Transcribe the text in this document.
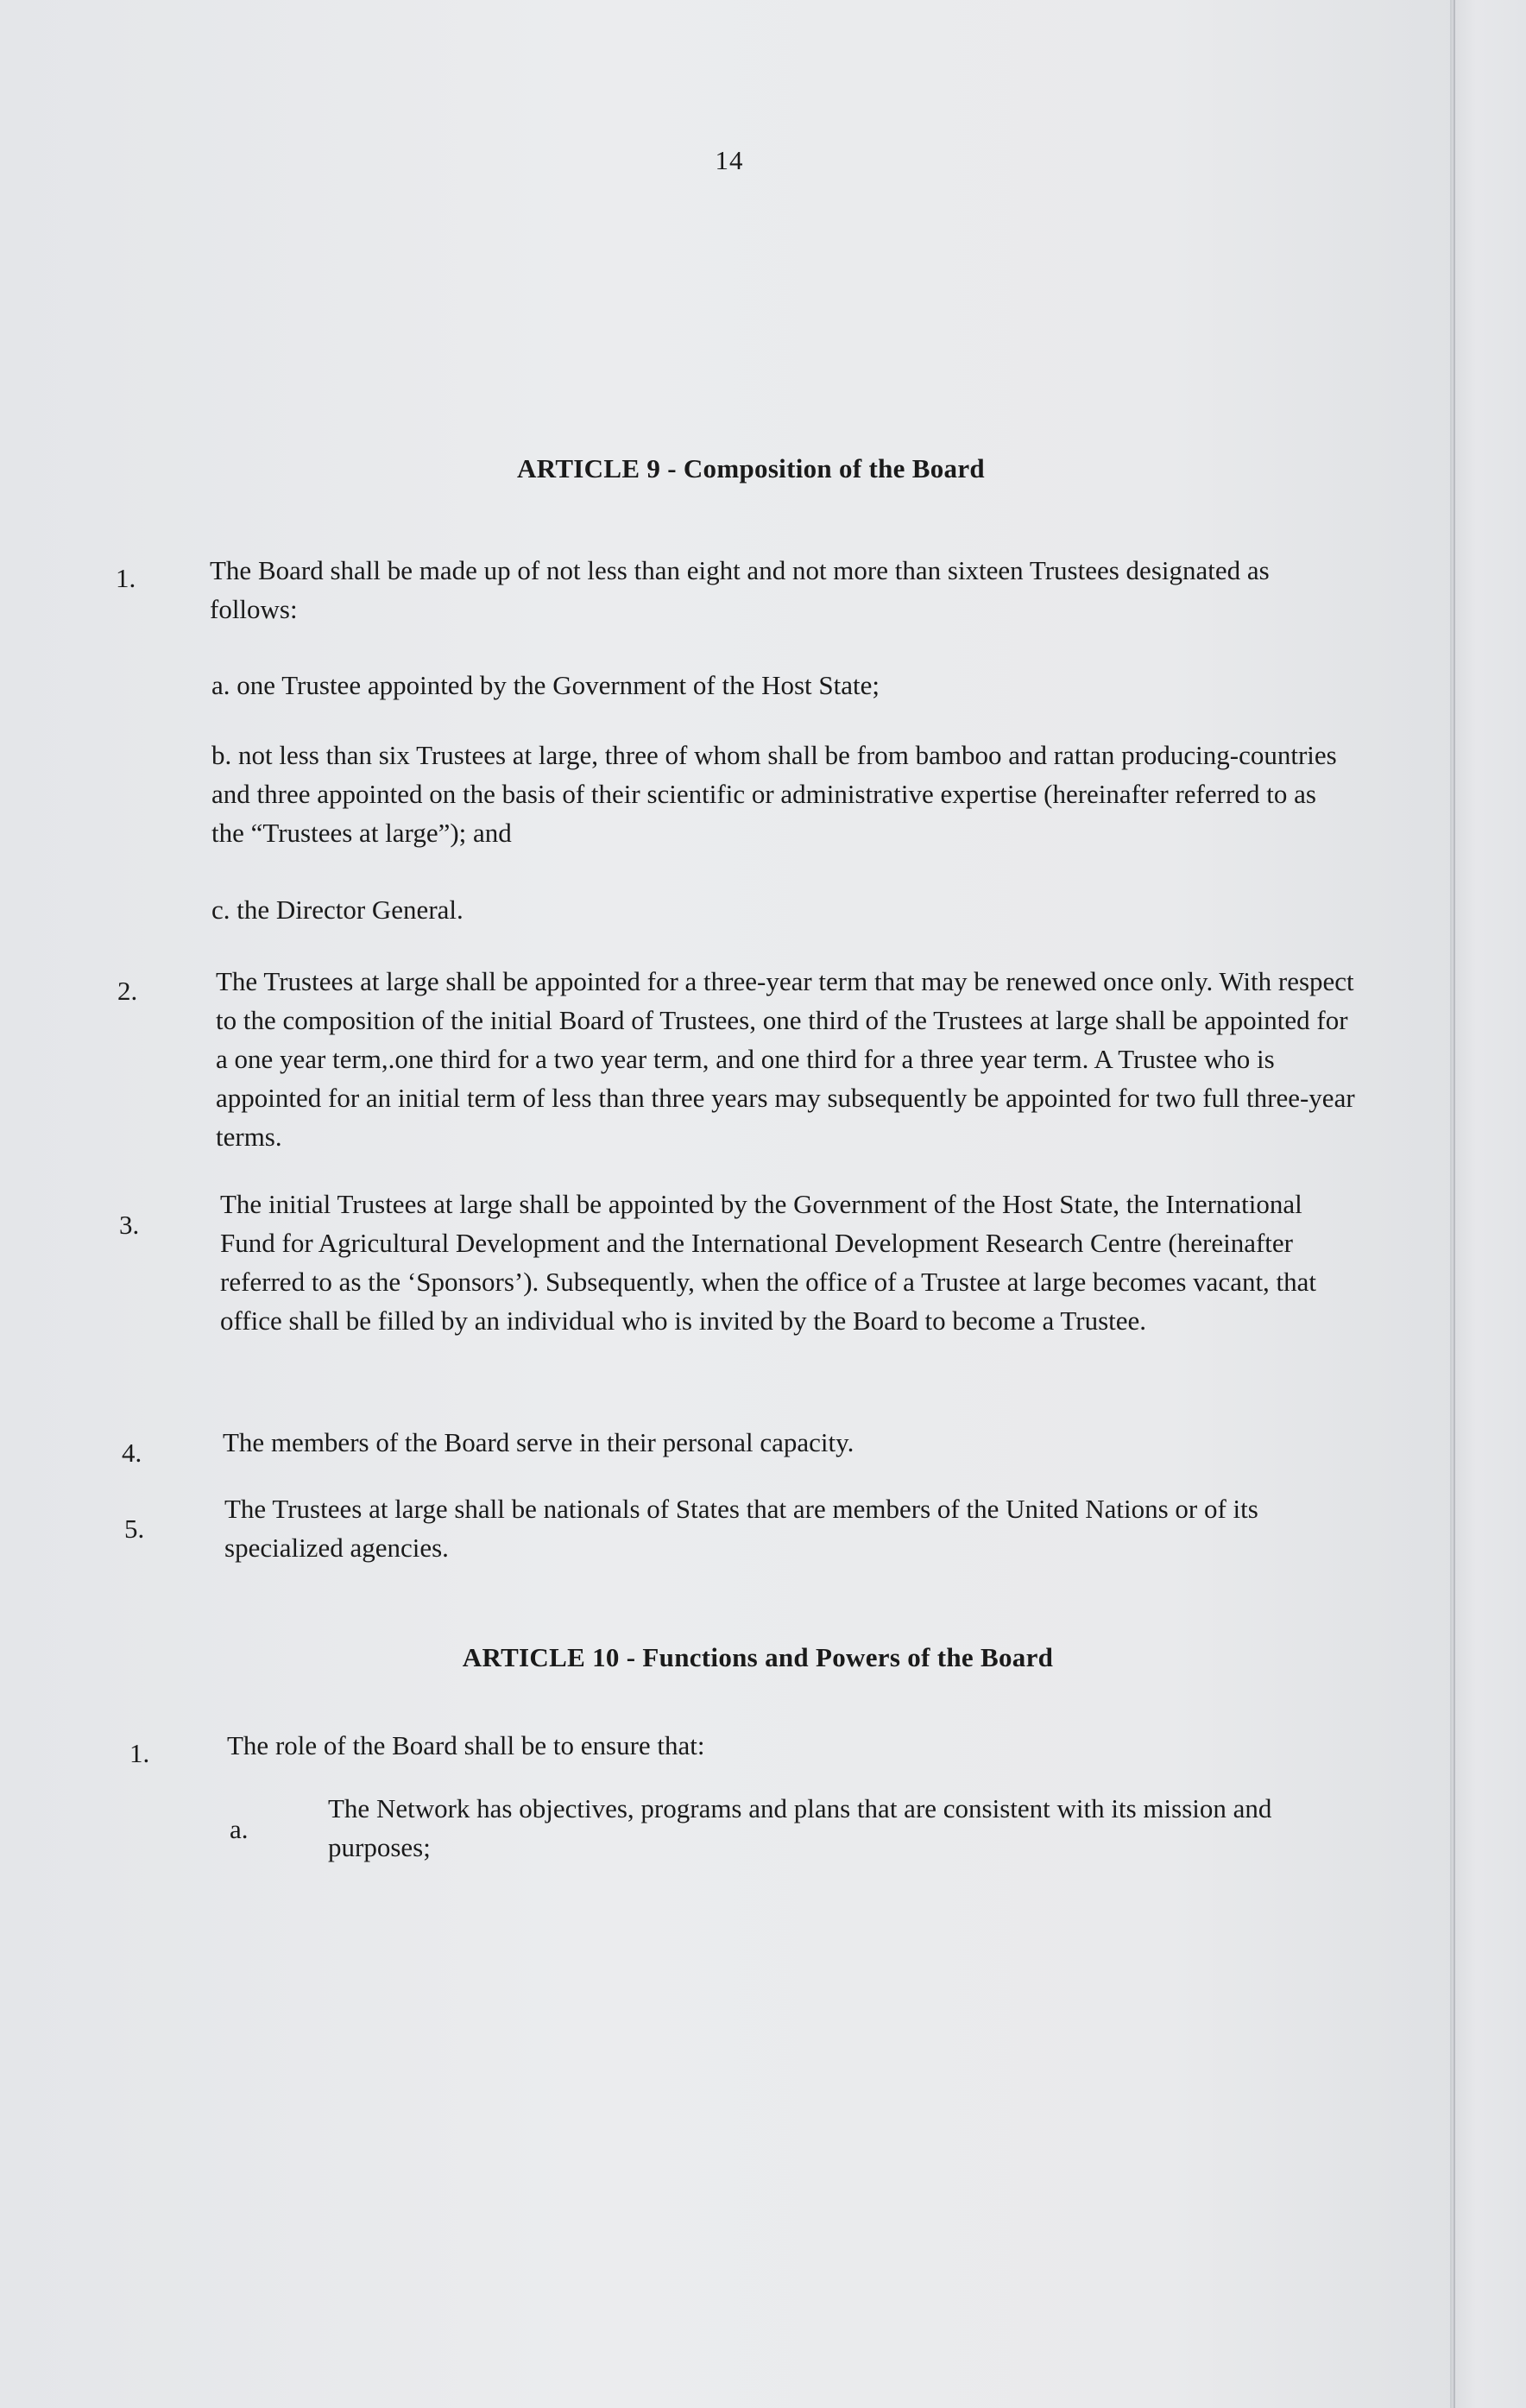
14
ARTICLE 9 - Composition of the Board
1.	The Board shall be made up of not less than eight and not more than sixteen Trustees designated as follows:
a. one Trustee appointed by the Government of the Host State;
b. not less than six Trustees at large, three of whom shall be from bamboo and rattan producing-countries and three appointed on the basis of their scientific or administrative expertise (hereinafter referred to as the “Trustees at large”); and
c. the Director General.
2.	The Trustees at large shall be appointed for a three-year term that may be renewed once only. With respect to the composition of the initial Board of Trustees, one third of the Trustees at large shall be appointed for a one year term,.one third for a two year term, and one third for a three year term. A Trustee who is appointed for an initial term of less than three years may subsequently be appointed for two full three-year terms.
3.
The initial Trustees at large shall be appointed by the Government of the Host State, the International Fund for Agricultural Development and the International Development Research Centre (hereinafter referred to as the ‘Sponsors’). Subsequently, when the office of a Trustee at large becomes vacant, that office shall be filled by an individual who is invited by the Board to become a Trustee.
4.	The members of the Board serve in their personal capacity.
5.
The Trustees at large shall be nationals of States that are members of the United Nations or of its specialized agencies.
ARTICLE 10 - Functions and Powers of the Board
1.	The role of the Board shall be to ensure that:
a.
The Network has objectives, programs and plans that are consistent with its mission and purposes;
